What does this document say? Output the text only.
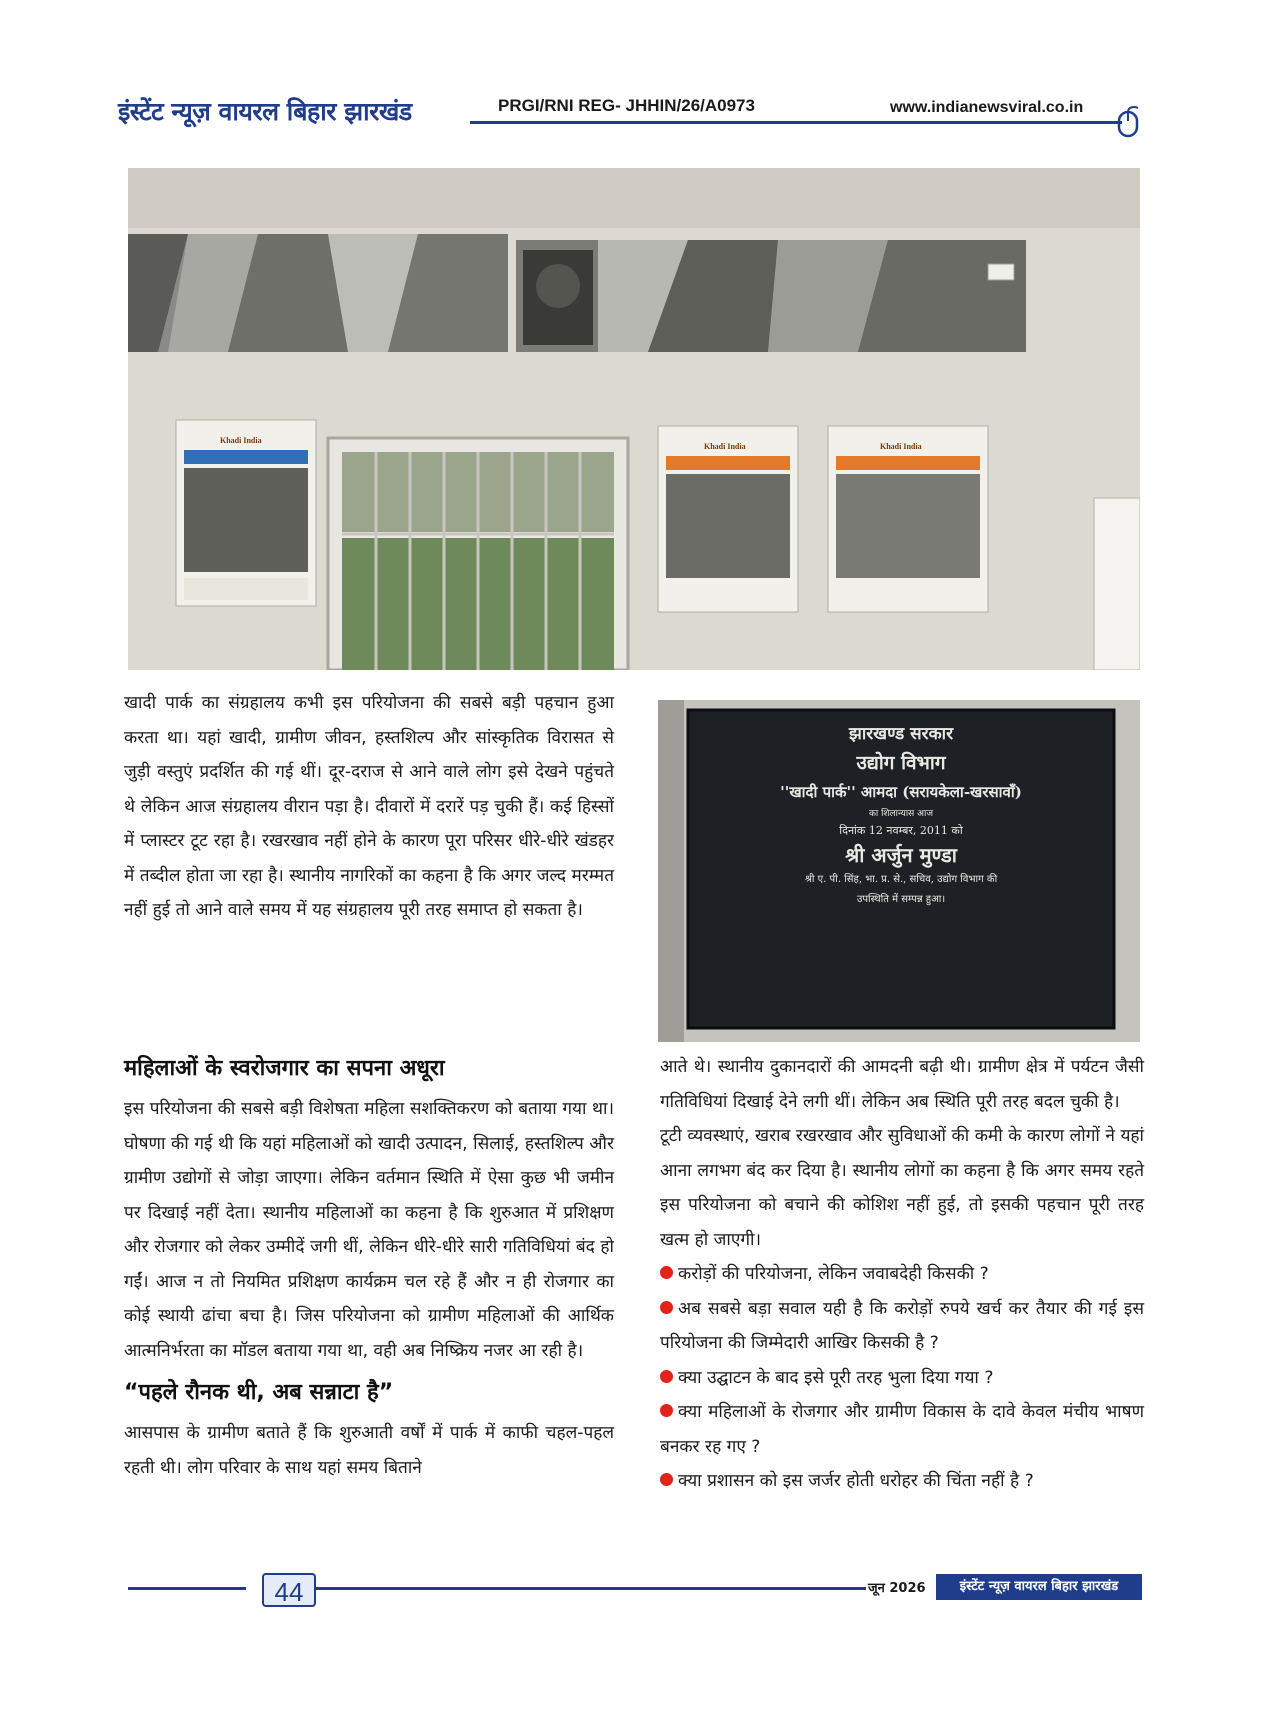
इंस्टेंट न्यूज़ वायरल बिहार झारखंड	PRGI/RNI REG- JHHIN/26/A0973	www.indianewsviral.co.in
Khadi India
Khadi India	Khadi India
झारखण्ड सरकार
उद्योग विभाग
''खादी पार्क'' आमदा (सरायकेला-खरसावाँ)
का शिलान्यास आज
दिनांक 12 नवम्बर, 2011 को
श्री अर्जुन मुण्डा
श्री ए. पी. सिंह, भा. प्र. से., सचिव, उद्योग विभाग की
उपस्थिति में सम्पन्न हुआ।

खादी पार्क का संग्रहालय कभी इस परियोजना की सबसे बड़ी पहचान हुआ करता था। यहां खादी, ग्रामीण जीवन, हस्तशिल्प और सांस्कृतिक विरासत से जुड़ी वस्तुएं प्रदर्शित की गई थीं। दूर-दराज से आने वाले लोग इसे देखने पहुंचते थे लेकिन आज संग्रहालय वीरान पड़ा है। दीवारों में दरारें पड़ चुकी हैं। कई हिस्सों में प्लास्टर टूट रहा है। रखरखाव नहीं होने के कारण पूरा परिसर धीरे-धीरे खंडहर में तब्दील होता जा रहा है। स्थानीय नागरिकों का कहना है कि अगर जल्द मरम्मत नहीं हुई तो आने वाले समय में यह संग्रहालय पूरी तरह समाप्त हो सकता है।

महिलाओं के स्वरोजगार का सपना अधूरा

इस परियोजना की सबसे बड़ी विशेषता महिला सशक्तिकरण को बताया गया था। घोषणा की गई थी कि यहां महिलाओं को खादी उत्पादन, सिलाई, हस्तशिल्प और ग्रामीण उद्योगों से जोड़ा जाएगा। लेकिन वर्तमान स्थिति में ऐसा कुछ भी जमीन पर दिखाई नहीं देता। स्थानीय महिलाओं का कहना है कि शुरुआत में प्रशिक्षण और रोजगार को लेकर उम्मीदें जगी थीं, लेकिन धीरे-धीरे सारी गतिविधियां बंद हो गईं। आज न तो नियमित प्रशिक्षण कार्यक्रम चल रहे हैं और न ही रोजगार का कोई स्थायी ढांचा बचा है। जिस परियोजना को ग्रामीण महिलाओं की आर्थिक आत्मनिर्भरता का मॉडल बताया गया था, वही अब निष्क्रिय नजर आ रही है।

“पहले रौनक थी, अब सन्नाटा है”

आसपास के ग्रामीण बताते हैं कि शुरुआती वर्षों में पार्क में काफी चहल-पहल रहती थी। लोग परिवार के साथ यहां समय बिताने

आते थे। स्थानीय दुकानदारों की आमदनी बढ़ी थी। ग्रामीण क्षेत्र में पर्यटन जैसी गतिविधियां दिखाई देने लगी थीं। लेकिन अब स्थिति पूरी तरह बदल चुकी है।

टूटी व्यवस्थाएं, खराब रखरखाव और सुविधाओं की कमी के कारण लोगों ने यहां आना लगभग बंद कर दिया है। स्थानीय लोगों का कहना है कि अगर समय रहते इस परियोजना को बचाने की कोशिश नहीं हुई, तो इसकी पहचान पूरी तरह खत्म हो जाएगी।

करोड़ों की परियोजना, लेकिन जवाबदेही किसकी ?
अब सबसे बड़ा सवाल यही है कि करोड़ों रुपये खर्च कर तैयार की गई इस परियोजना की जिम्मेदारी आखिर किसकी है ?
क्या उद्घाटन के बाद इसे पूरी तरह भुला दिया गया ?
क्या महिलाओं के रोजगार और ग्रामीण विकास के दावे केवल मंचीय भाषण बनकर रह गए ?
क्या प्रशासन को इस जर्जर होती धरोहर की चिंता नहीं है ?
44	जून 2026	इंस्टेंट न्यूज़ वायरल बिहार झारखंड
